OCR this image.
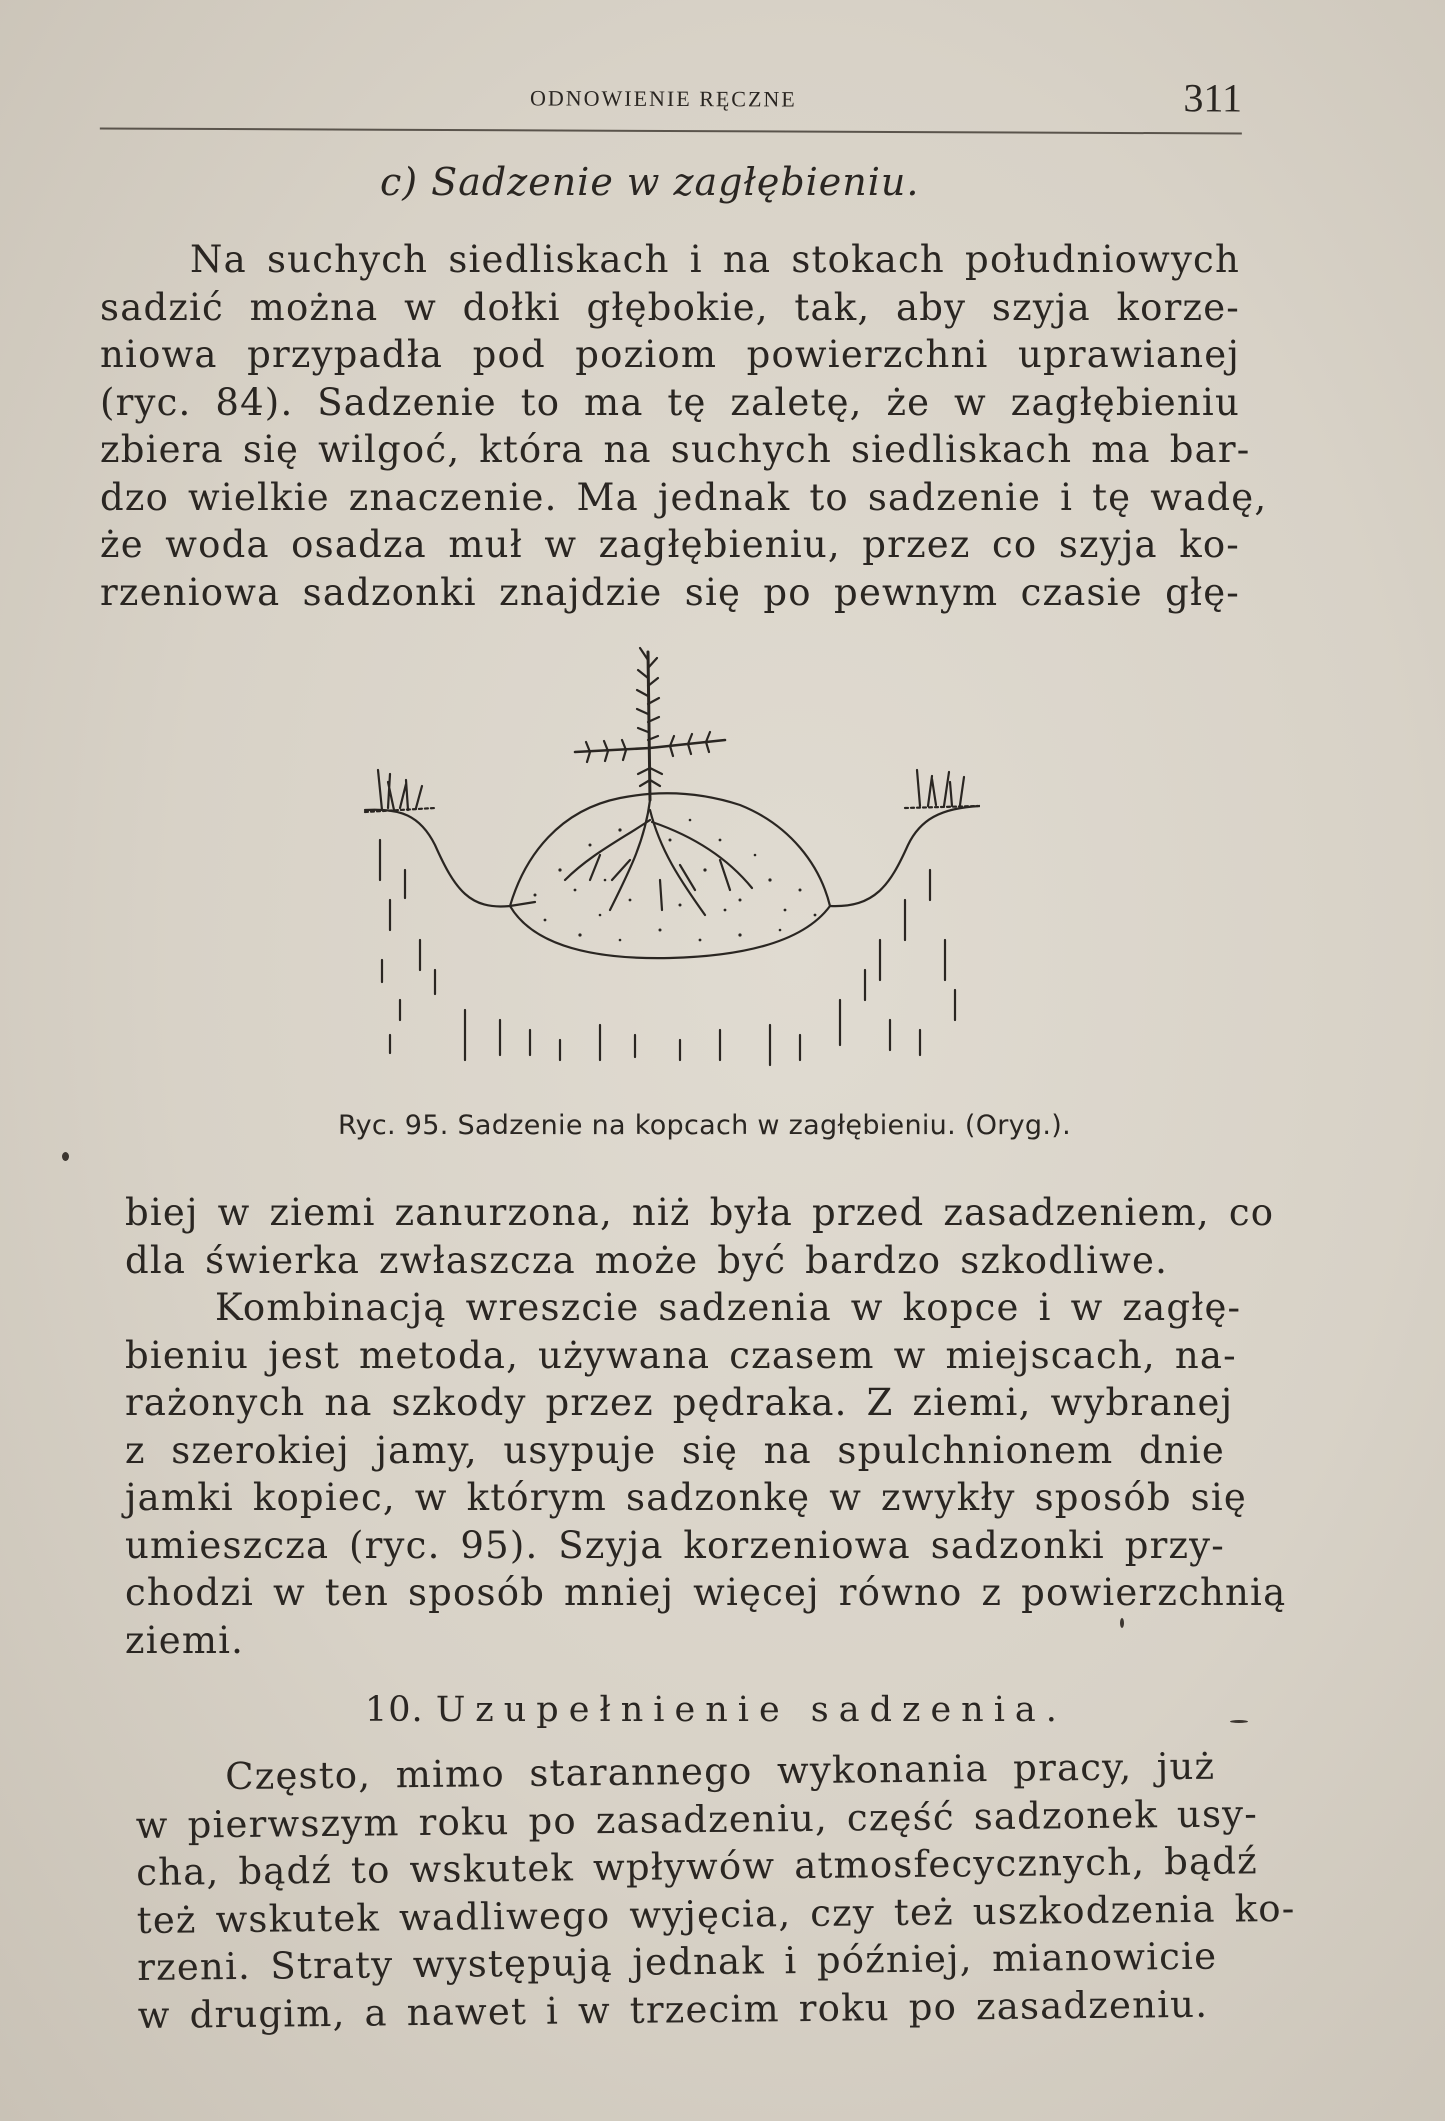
ODNOWIENIE RĘCZNE	311
c) Sadzenie w zagłębieniu.
Na suchych siedliskach i na stokach południowych
sadzić można w dołki głębokie, tak, aby szyja korze-
niowa przypadła pod poziom powierzchni uprawianej
(ryc. 84). Sadzenie to ma tę zaletę, że w zagłębieniu
zbiera się wilgoć, która na suchych siedliskach ma bar-
dzo wielkie znaczenie. Ma jednak to sadzenie i tę wadę,
że woda osadza muł w zagłębieniu, przez co szyja ko-
rzeniowa sadzonki znajdzie się po pewnym czasie głę-
Ryc. 95. Sadzenie na kopcach w zagłębieniu. (Oryg.).
biej w ziemi zanurzona, niż była przed zasadzeniem, co
dla świerka zwłaszcza może być bardzo szkodliwe.
Kombinacją wreszcie sadzenia w kopce i w zagłę-
bieniu jest metoda, używana czasem w miejscach, na-
rażonych na szkody przez pędraka. Z ziemi, wybranej
z szerokiej jamy, usypuje się na spulchnionem dnie
jamki kopiec, w którym sadzonkę w zwykły sposób się
umieszcza (ryc. 95). Szyja korzeniowa sadzonki przy-
chodzi w ten sposób mniej więcej równo z powierzchnią
ziemi.
10. Uzupełnienie sadzenia.
Często, mimo starannego wykonania pracy, już
w pierwszym roku po zasadzeniu, część sadzonek usy-
cha, bądź to wskutek wpływów atmosfecycznych, bądź
też wskutek wadliwego wyjęcia, czy też uszkodzenia ko-
rzeni. Straty występują jednak i później, mianowicie
w drugim, a nawet i w trzecim roku po zasadzeniu.
